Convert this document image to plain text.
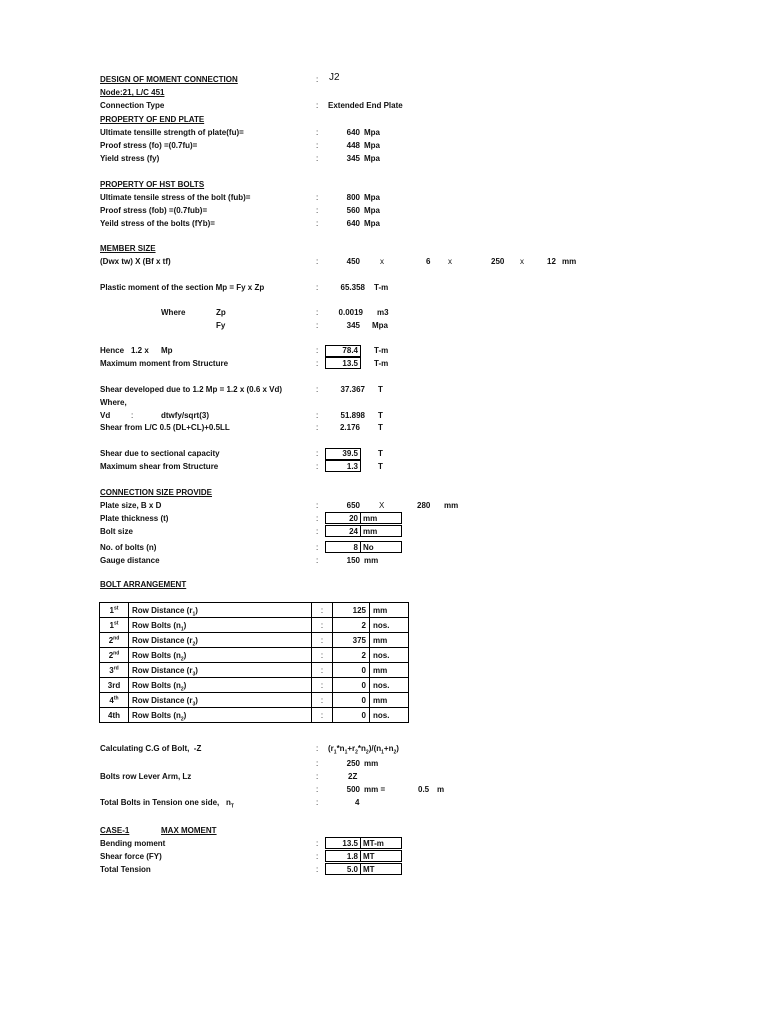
DESIGN OF MOMENT CONNECTION	: J2
Node:21, L/C 451
Connection Type	: Extended End Plate
PROPERTY OF END PLATE
Ultimate tensille strength of plate(fu)=	:	640 Mpa
Proof stress (fo) =(0.7fu)=	:	448 Mpa
Yield stress (fy)	:	345 Mpa
PROPERTY OF HST BOLTS
Ultimate tensile stress of the bolt (fub)=	:	800 Mpa
Proof stress (fob) =(0.7fub)=	:	560 Mpa
Yeild stress of the bolts (fYb)=	:	640 Mpa
MEMBER SIZE
(Dwx tw) X (Bf x tf)	:	450	x	6 x	250 x	12 mm
Plastic moment of the section Mp = Fy x Zp	:	65.358 T-m
Where	Zp	:	0.0019 m3
Fy	:	345 Mpa
Hence 1.2 x Mp	:	78.4 T-m
Maximum moment from Structure	:	13.5 T-m
Shear developed due to 1.2 Mp = 1.2 x (0.6 x Vd)	:	37.367 T
Where,
Vd	:	dtwfy/sqrt(3)	:	51.898 T
Shear from L/C 0.5 (DL+CL)+0.5LL	:	2.176 T
Shear due to sectional capacity	:	39.5	T
Maximum shear from Structure	:	1.3	T
CONNECTION SIZE PROVIDE
Plate size, B x D	:	650 X	280 mm
Plate thickness (t)	:	20 mm
Bolt size	:	24 mm
No. of bolts (n)	:	8 No
Gauge distance	:	150 mm
BOLT ARRANGEMENT
1st	Row Distance $(r_1)$	:	125	mm
1st	Row Bolts $(n_1)$	:	2	nos.
2nd	Row Distance $(r_2)$	:	375	mm
2nd	Row Bolts $(n_2)$	:	2	nos.
3rd	Row Distance $(r_3)$	:	0	mm
3rd	Row Bolts $(n_2)$	:	0	nos.
4th	Row Distance $(r_3)$	:	0	mm
4th	Row Bolts $(n_2)$	:	0	nos.
Calculating C.G of Bolt, -Z	: $(r_1*n_1+r_2*n_2)/(n_1+n_2)$
:	250 mm
Bolts row Lever Arm, Lz	:	2Z
:	500 mm =	0.5 m
Total Bolts in Tension one side, $n_T$	:	4
CASE-1	MAX MOMENT
Bending moment	:	13.5 MT-m
Shear force (FY)	:	1.8 MT
Total Tension	:	5.0 MT
